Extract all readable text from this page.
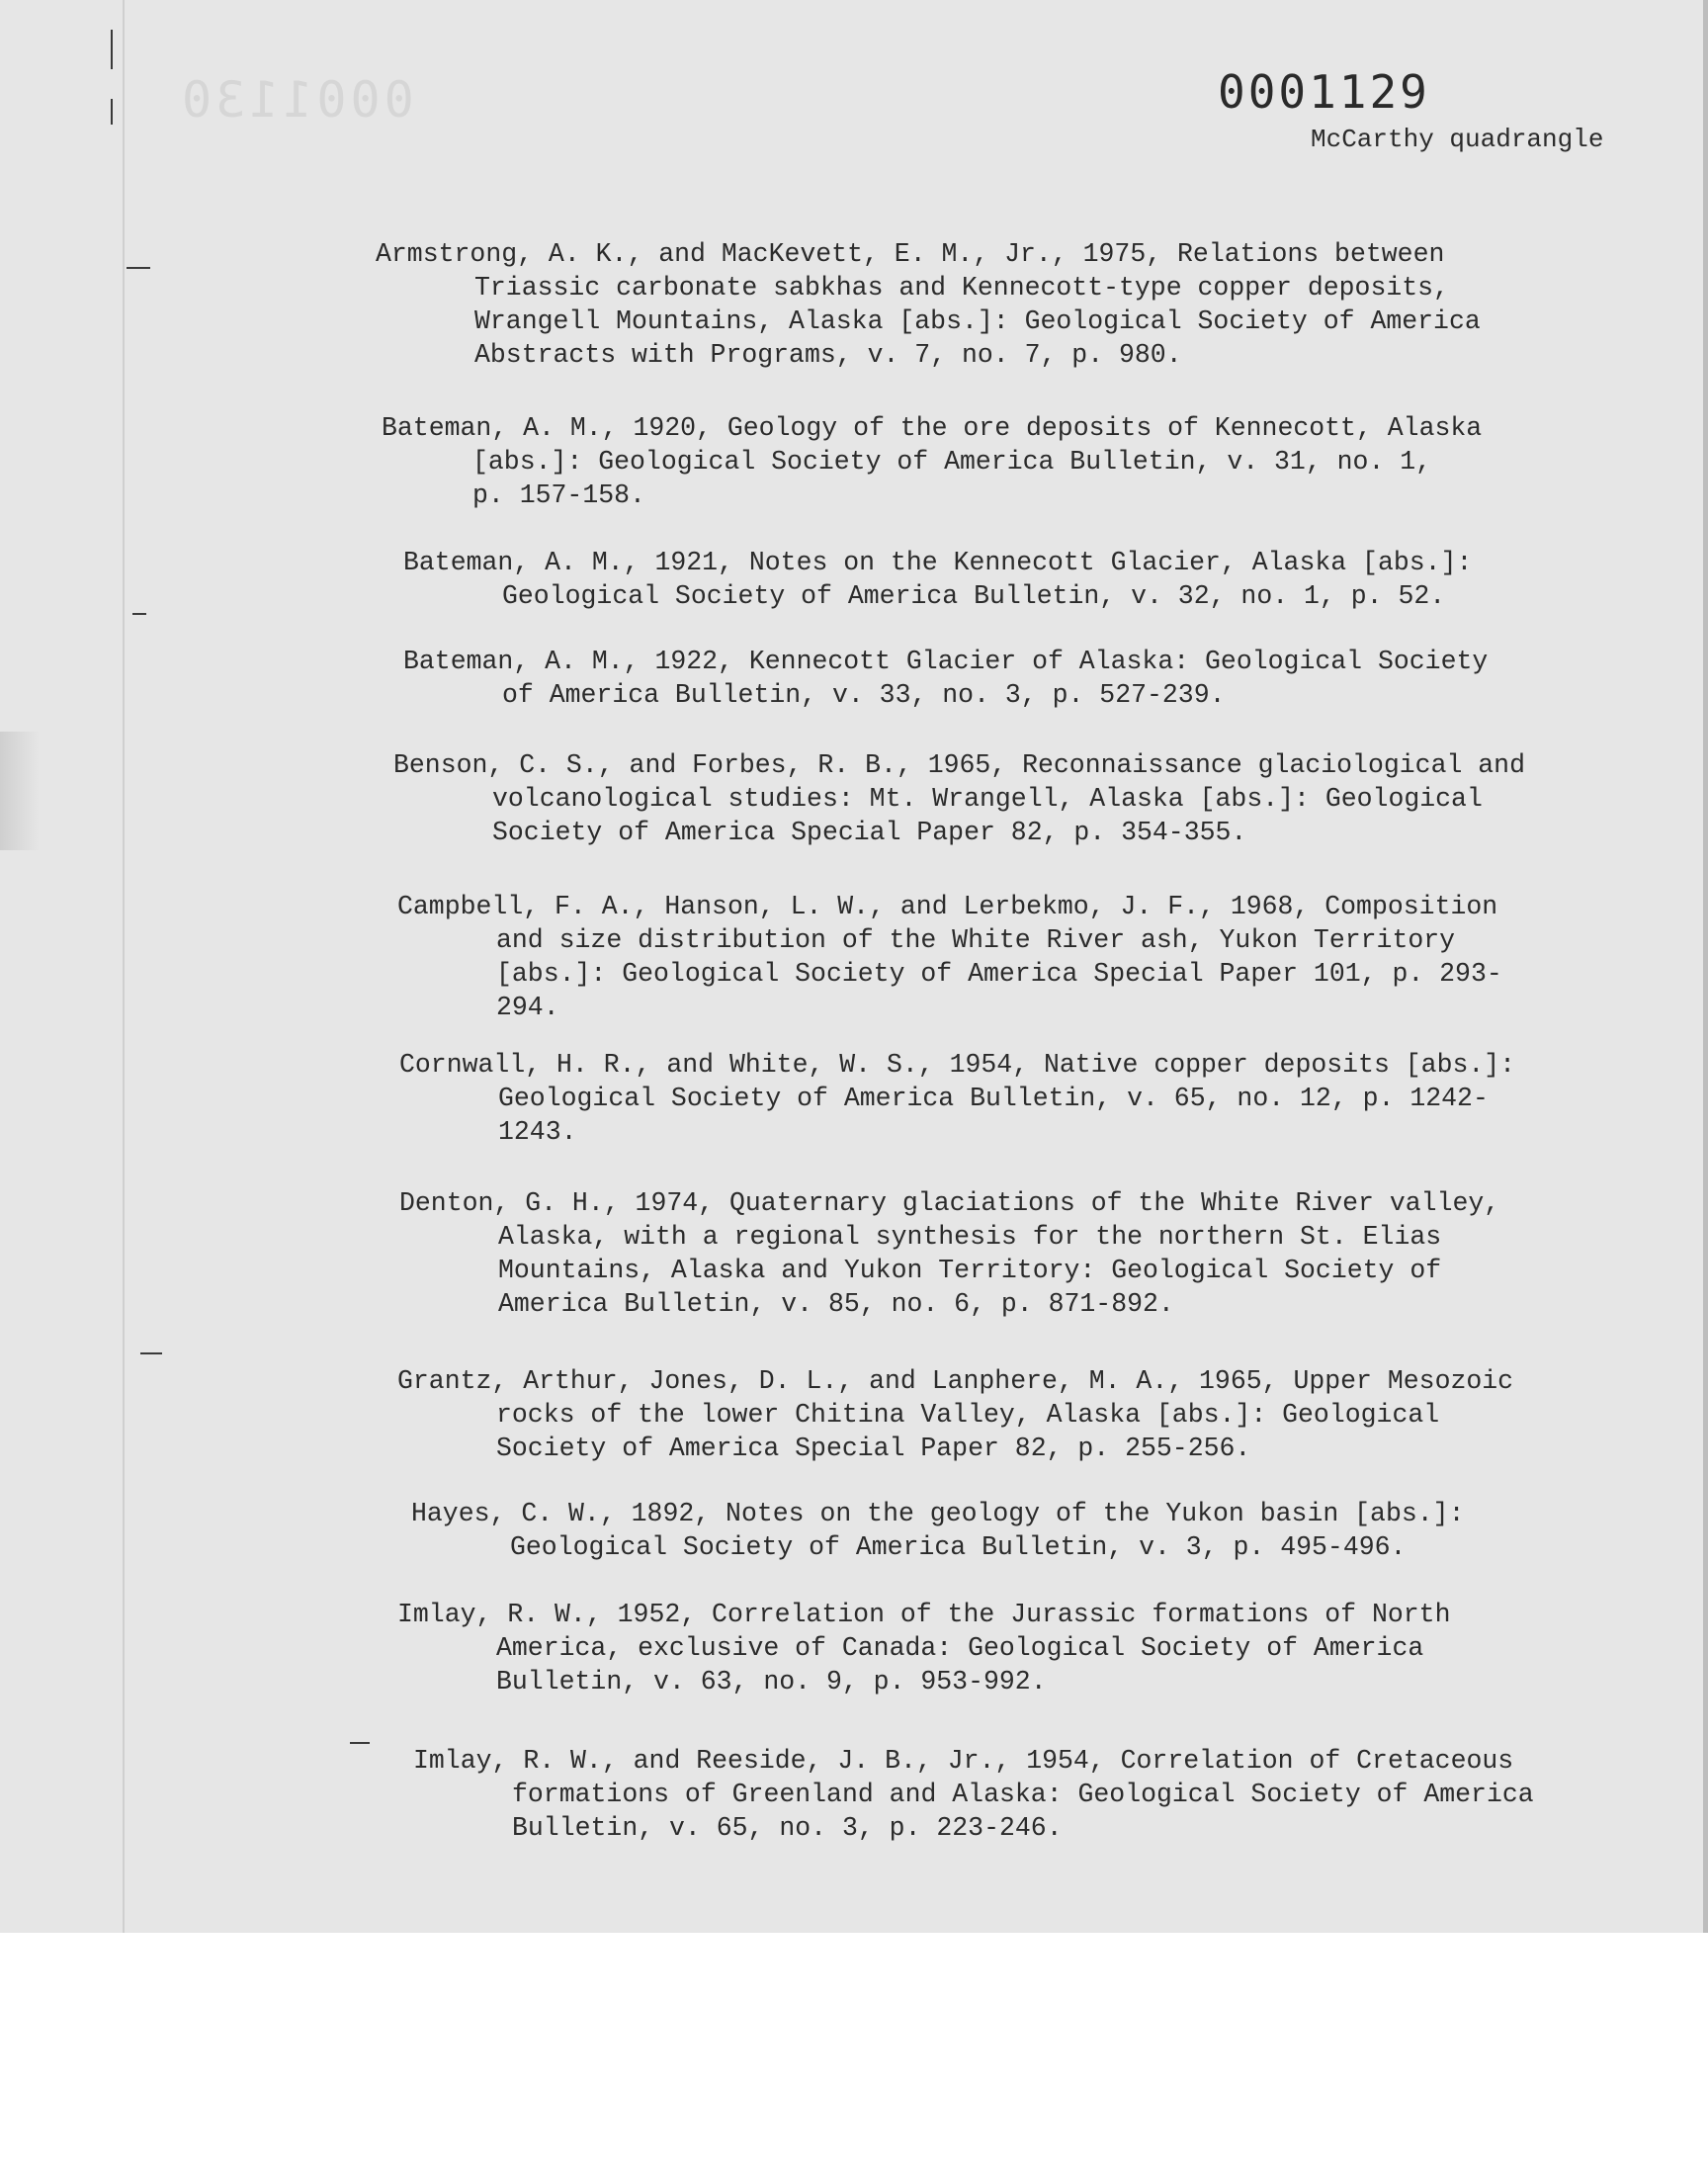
0001130	0001129
McCarthy quadrangle
Armstrong, A. K., and MacKevett, E. M., Jr., 1975, Relations between
Triassic carbonate sabkhas and Kennecott-type copper deposits,
Wrangell Mountains, Alaska [abs.]: Geological Society of America
Abstracts with Programs, v. 7, no. 7, p. 980.
Bateman, A. M., 1920, Geology of the ore deposits of Kennecott, Alaska
[abs.]: Geological Society of America Bulletin, v. 31, no. 1,
p. 157-158.
Bateman, A. M., 1921, Notes on the Kennecott Glacier, Alaska [abs.]:
Geological Society of America Bulletin, v. 32, no. 1, p. 52.
Bateman, A. M., 1922, Kennecott Glacier of Alaska: Geological Society
of America Bulletin, v. 33, no. 3, p. 527-239.
Benson, C. S., and Forbes, R. B., 1965, Reconnaissance glaciological and
volcanological studies: Mt. Wrangell, Alaska [abs.]: Geological
Society of America Special Paper 82, p. 354-355.
Campbell, F. A., Hanson, L. W., and Lerbekmo, J. F., 1968, Composition
and size distribution of the White River ash, Yukon Territory
[abs.]: Geological Society of America Special Paper 101, p. 293-
294.
Cornwall, H. R., and White, W. S., 1954, Native copper deposits [abs.]:
Geological Society of America Bulletin, v. 65, no. 12, p. 1242-
1243.
Denton, G. H., 1974, Quaternary glaciations of the White River valley,
Alaska, with a regional synthesis for the northern St. Elias
Mountains, Alaska and Yukon Territory: Geological Society of
America Bulletin, v. 85, no. 6, p. 871-892.
Grantz, Arthur, Jones, D. L., and Lanphere, M. A., 1965, Upper Mesozoic
rocks of the lower Chitina Valley, Alaska [abs.]: Geological
Society of America Special Paper 82, p. 255-256.
Hayes, C. W., 1892, Notes on the geology of the Yukon basin [abs.]:
Geological Society of America Bulletin, v. 3, p. 495-496.
Imlay, R. W., 1952, Correlation of the Jurassic formations of North
America, exclusive of Canada: Geological Society of America
Bulletin, v. 63, no. 9, p. 953-992.
Imlay, R. W., and Reeside, J. B., Jr., 1954, Correlation of Cretaceous
formations of Greenland and Alaska: Geological Society of America
Bulletin, v. 65, no. 3, p. 223-246.
